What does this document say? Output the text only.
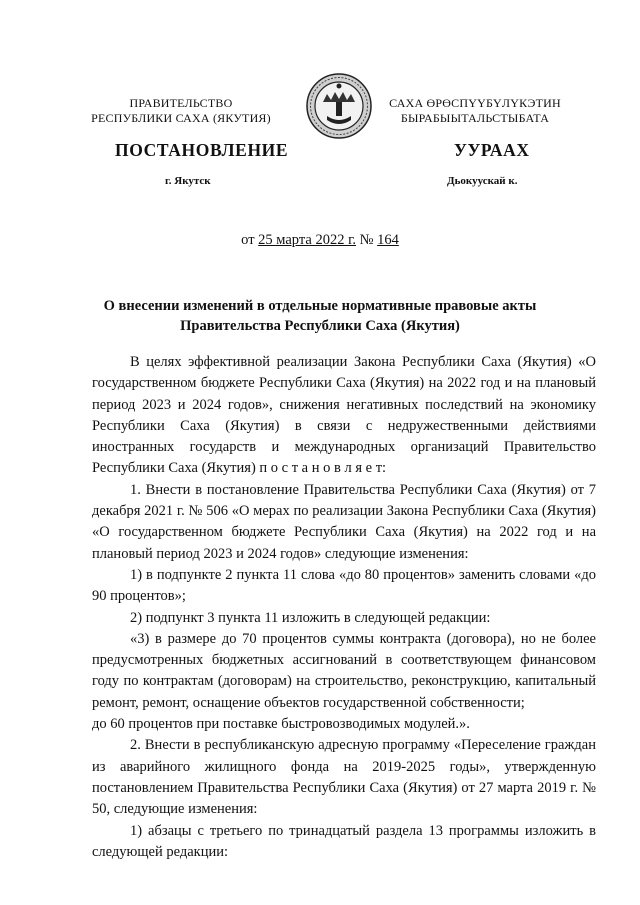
ПРАВИТЕЛЬСТВО
РЕСПУБЛИКИ САХА (ЯКУТИЯ)
САХА ӨРӨСПҮҮБҮЛҮКЭТИН
БЫРАБЫЫТАЛЬСТЫБАТА
ПОСТАНОВЛЕНИЕ	УУРААХ
г. Якутск	Дьокуускай к.
от 25 марта 2022 г. № 164
О внесении изменений в отдельные нормативные правовые акты
Правительства Республики Саха (Якутия)

В целях эффективной реализации Закона Республики Саха (Якутия) «О государственном бюджете Республики Саха (Якутия) на 2022 год и на плановый период 2023 и 2024 годов», снижения негативных последствий на экономику Республики Саха (Якутия) в связи с недружественными действиями иностранных государств и международных организаций Правительство Республики Саха (Якутия) п о с т а н о в л я е т:

1. Внести в постановление Правительства Республики Саха (Якутия) от 7 декабря 2021 г. № 506 «О мерах по реализации Закона Республики Саха (Якутия) «О государственном бюджете Республики Саха (Якутия) на 2022 год и на плановый период 2023 и 2024 годов» следующие изменения:

1) в подпункте 2 пункта 11 слова «до 80 процентов» заменить словами «до 90 процентов»;

2) подпункт 3 пункта 11 изложить в следующей редакции:

«3) в размере до 70 процентов суммы контракта (договора), но не более предусмотренных бюджетных ассигнований в соответствующем финансовом году по контрактам (договорам) на строительство, реконструкцию, капитальный ремонт, ремонт, оснащение объектов государственной собственности;

до 60 процентов при поставке быстровозводимых модулей.».

2. Внести в республиканскую адресную программу «Переселение граждан из аварийного жилищного фонда на 2019-2025 годы», утвержденную постановлением Правительства Республики Саха (Якутия) от 27 марта 2019 г. № 50, следующие изменения:

1) абзацы с третьего по тринадцатый раздела 13 программы изложить в следующей редакции:
